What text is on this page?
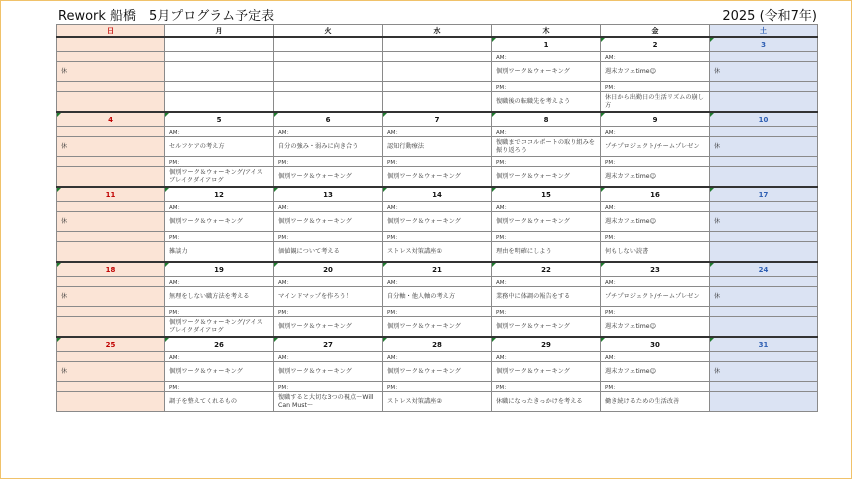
Rework 船橋　5月プログラム予定表	2025 (令和7年)
日	月	火	水	木	金	土
				1	2	3

				AM：	AM：	
休				個別ワーク＆ウォーキング	週末カフェtime☺	休
				PM：	PM：	
				復職後の転職先を考えよう	休日から出勤日の生活リズムの崩し方	
4	5	6	7	8	9	10

	AM：	AM：	AM：	AM：	AM：	
休	セルフケアの考え方	自分の強み・弱みに向き合う	認知行動療法	復職までココルポートの取り組みを振り返ろう	プチプロジェクト/チームプレゼン	休
	PM：	PM：	PM：	PM：	PM：	
	個別ワーク＆ウォーキング/アイスブレイクダイアログ	個別ワーク＆ウォーキング	個別ワーク＆ウォーキング	個別ワーク＆ウォーキング	週末カフェtime☺	
11	12	13	14	15	16	17

	AM：	AM：	AM：	AM：	AM：	
休	個別ワーク＆ウォーキング	個別ワーク＆ウォーキング	個別ワーク＆ウォーキング	個別ワーク＆ウォーキング	週末カフェtime☺	休
	PM：	PM：	PM：	PM：	PM：	
	雑談力	価値観について考える	ストレス対策講座①	理由を明確にしよう	何もしない読書	
18	19	20	21	22	23	24

	AM：	AM：	AM：	AM：	AM：	
休	無理をしない職方法を考える	マインドマップを作ろう！	自分軸・他人軸の考え方	業務中に体調の報告をする	プチプロジェクト/チームプレゼン	休
	PM：	PM：	PM：	PM：	PM：	
	個別ワーク＆ウォーキング/アイスブレイクダイアログ	個別ワーク＆ウォーキング	個別ワーク＆ウォーキング	個別ワーク＆ウォーキング	週末カフェtime☺	
25	26	27	28	29	30	31

	AM：	AM：	AM：	AM：	AM：	
休	個別ワーク＆ウォーキング	個別ワーク＆ウォーキング	個別ワーク＆ウォーキング	個別ワーク＆ウォーキング	週末カフェtime☺	休
	PM：	PM：	PM：	PM：	PM：	
	調子を整えてくれるもの	復職すると大切な3つの視点～Will Can Must～	ストレス対策講座②	休職になったきっかけを考える	働き続けるための生活改善	
